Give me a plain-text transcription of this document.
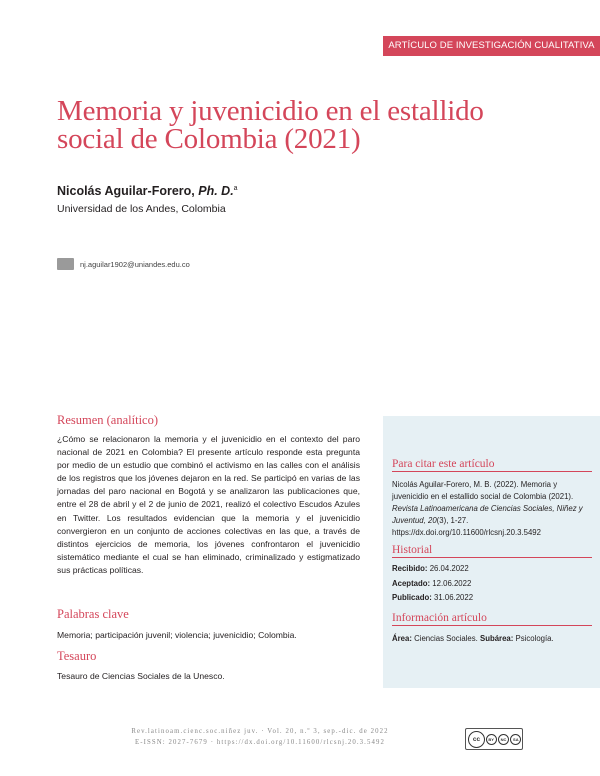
ARTÍCULO DE INVESTIGACIÓN CUALITATIVA
Memoria y juvenicidio en el estallido social de Colombia (2021)
Nicolás Aguilar-Forero, Ph. D.$^a$
Universidad de los Andes, Colombia
nj.aguilar1902@uniandes.edu.co
Resumen (analítico)

¿Cómo se relacionaron la memoria y el juvenicidio en el contexto del paro nacional de 2021 en Colombia? El presente artículo responde esta pregunta por medio de un estudio que combinó el activismo en las calles con el análisis de los registros que los jóvenes dejaron en la red. Se participó en varias de las jornadas del paro nacional en Bogotá y se analizaron las publicaciones que, entre el 28 de abril y el 2 de junio de 2021, realizó el colectivo Escudos Azules en Twitter. Los resultados evidencian que la memoria y el juvenicidio convergieron en un conjunto de acciones colectivas en las que, a través de distintos ejercicios de memoria, los jóvenes confrontaron el juvenicidio sistemático mediante el cual se han eliminado, criminalizado y estigmatizado sus prácticas políticas.

Palabras clave

Memoria; participación juvenil; violencia; juvenicidio; Colombia.

Tesauro

Tesauro de Ciencias Sociales de la Unesco.

Para citar este artículo

Nicolás Aguilar-Forero, M. B. (2022). Memoria y juvenicidio en el estallido social de Colombia (2021). Revista Latinoamericana de Ciencias Sociales, Niñez y Juventud, 20(3), 1-27. https://dx.doi.org/10.11600/rlcsnj.20.3.5492

Historial

Recibido: 26.04.2022

Aceptado: 12.06.2022

Publicado: 31.06.2022

Información artículo

Área: Ciencias Sociales. Subárea: Psicología.

Rev.latinoam.cienc.soc.niñez juv. · Vol. 20, n.º 3, sep.-dic. de 2022
E-ISSN: 2027-7679 · https://dx.doi.org/10.11600/rlcsnj.20.3.5492	cc	BY	NC	SA
